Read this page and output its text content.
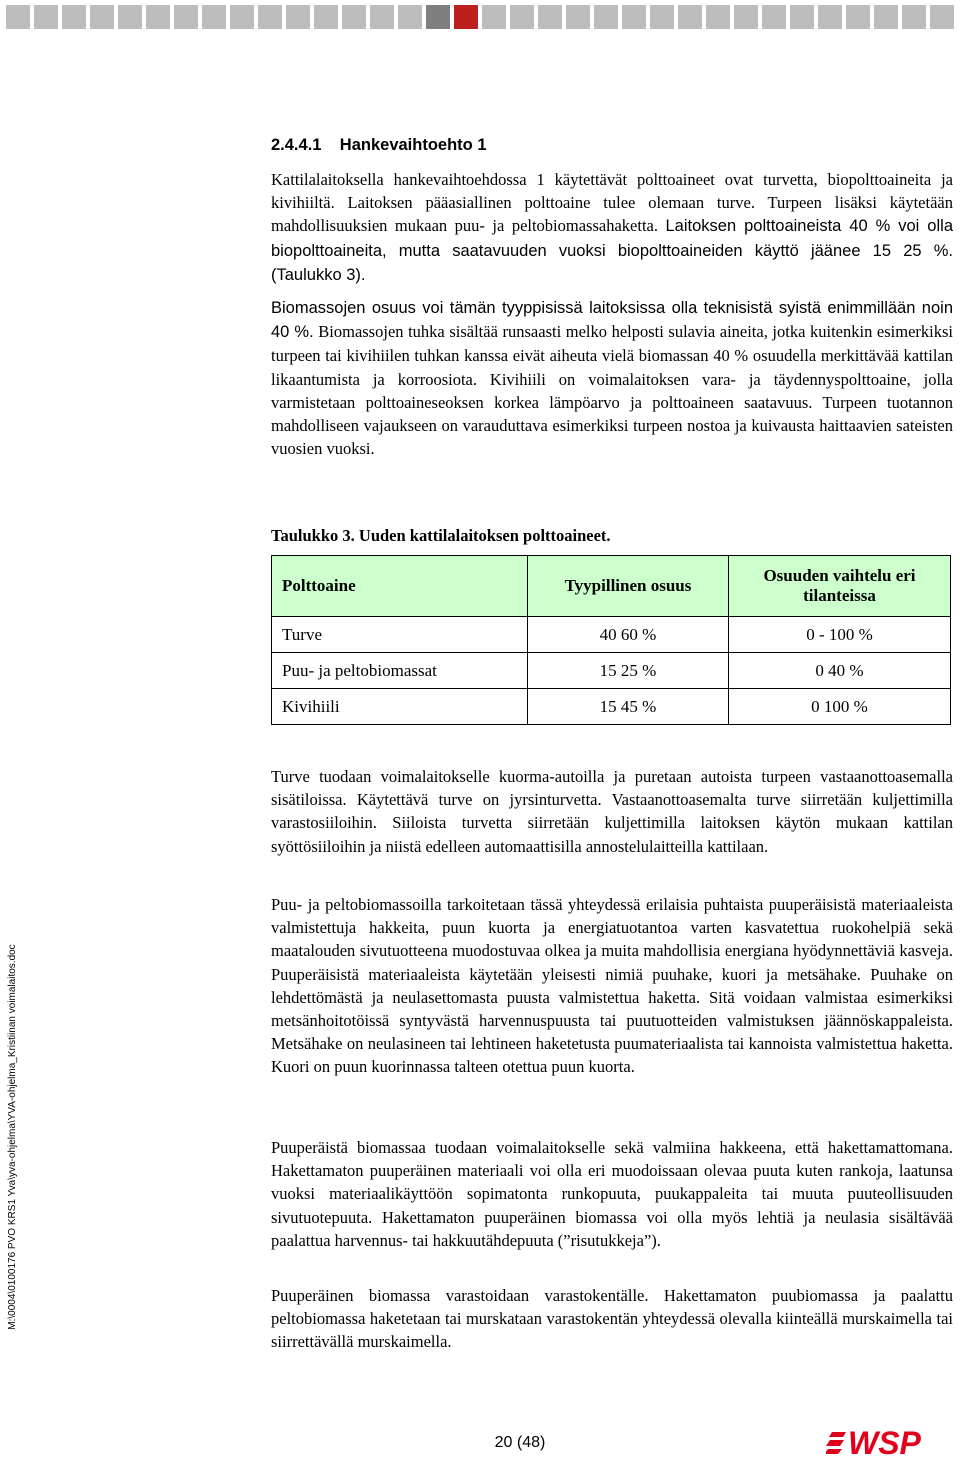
M:\0004\0100176 PVO KRS1 Yva\yva-ohjelma\YVA-ohjelma_Kristiinan voimalaitos.doc
2.4.4.1    Hankevaihtoehto 1

Kattilalaitoksella hankevaihtoehdossa 1 käytettävät polttoaineet ovat turvetta, biopolttoaineita ja kivihiiltä. Laitoksen pääasiallinen polttoaine tulee olemaan turve. Turpeen lisäksi käytetään mahdollisuuksien mukaan puu- ja peltobiomassahaketta. Laitoksen polttoaineista 40 % voi olla biopolttoaineita, mutta saatavuuden vuoksi biopolttoaineiden käyttö jäänee 15 25 %. (Taulukko 3).

Biomassojen osuus voi tämän tyyppisissä laitoksissa olla teknisistä syistä enimmillään noin 40 %. Biomassojen tuhka sisältää runsaasti melko helposti sulavia aineita, jotka kuitenkin esimerkiksi turpeen tai kivihiilen tuhkan kanssa eivät aiheuta vielä biomassan 40 % osuudella merkittävää kattilan likaantumista ja korroosiota. Kivihiili on voimalaitoksen vara- ja täydennyspolttoaine, jolla varmistetaan polttoaineseoksen korkea lämpöarvo ja polttoaineen saatavuus. Turpeen tuotannon mahdolliseen vajaukseen on varauduttava esimerkiksi turpeen nostoa ja kuivausta haittaavien sateisten vuosien vuoksi.

Taulukko 3. Uuden kattilalaitoksen polttoaineet.
Polttoaine	Tyypillinen osuus	Osuuden vaihtelu eri tilanteissa
Turve	40 60 %	0 - 100 %
Puu- ja peltobiomassat	15 25 %	0 40 %
Kivihiili	15 45 %	0 100 %

Turve tuodaan voimalaitokselle kuorma-autoilla ja puretaan autoista turpeen vastaanottoasemalla sisätiloissa. Käytettävä turve on jyrsinturvetta. Vastaanottoasemalta turve siirretään kuljettimilla varastosiiloihin. Siiloista turvetta siirretään kuljettimilla laitoksen käytön mukaan kattilan syöttösiiloihin ja niistä edelleen automaattisilla annostelulaitteilla kattilaan.

Puu- ja peltobiomassoilla tarkoitetaan tässä yhteydessä erilaisia puhtaista puuperäisistä materiaaleista valmistettuja hakkeita, puun kuorta ja energiatuotantoa varten kasvatettua ruokohelpiä sekä maatalouden sivutuotteena muodostuvaa olkea ja muita mahdollisia energiana hyödynnettäviä kasveja. Puuperäisistä materiaaleista käytetään yleisesti nimiä puuhake, kuori ja metsähake. Puuhake on lehdettömästä ja neulasettomasta puusta valmistettua haketta. Sitä voidaan valmistaa esimerkiksi metsänhoitotöissä syntyvästä harvennuspuusta tai puutuotteiden valmistuksen jäännöskappaleista. Metsähake on neulasineen tai lehtineen haketetusta puumateriaalista tai kannoista valmistettua haketta. Kuori on puun kuorinnassa talteen otettua puun kuorta.

Puuperäistä biomassaa tuodaan voimalaitokselle sekä valmiina hakkeena, että hakettamattomana. Hakettamaton puuperäinen materiaali voi olla eri muodoissaan olevaa puuta kuten rankoja, laatunsa vuoksi materiaalikäyttöön sopimatonta runkopuuta, puukappaleita tai muuta puuteollisuuden sivutuotepuuta. Hakettamaton puuperäinen biomassa voi olla myös lehtiä ja neulasia sisältävää paalattua harvennus- tai hakkuutähdepuuta (”risutukkeja”).

Puuperäinen biomassa varastoidaan varastokentälle. Hakettamaton puubiomassa ja paalattu peltobiomassa haketetaan tai murskataan varastokentän yhteydessä olevalla kiinteällä murskaimella tai siirrettävällä murskaimella.

20 (48)	WSP
